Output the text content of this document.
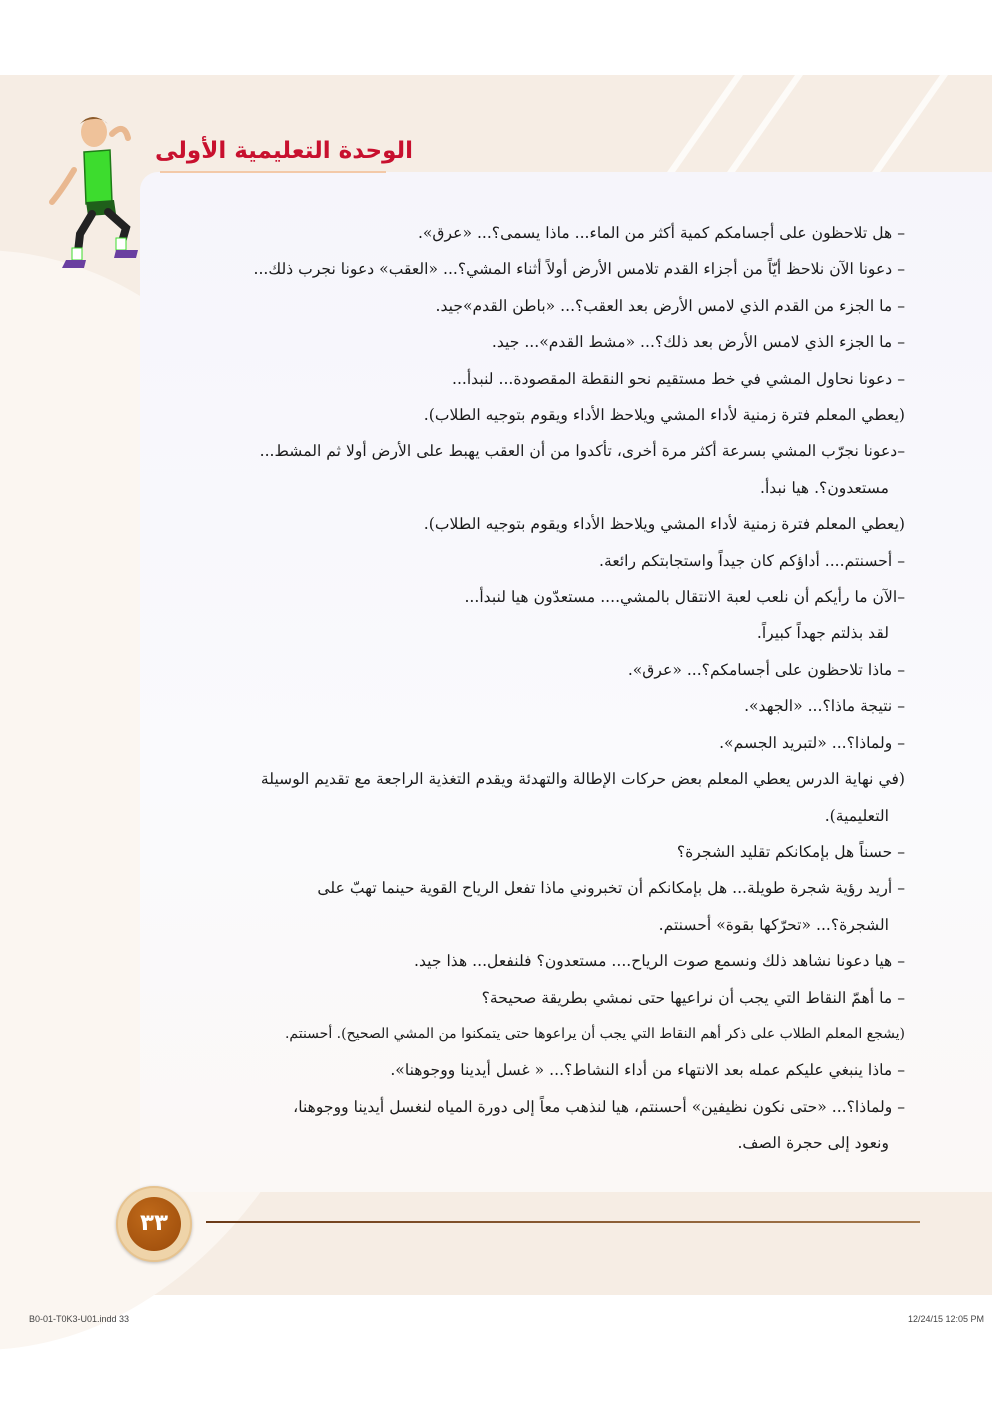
الوحدة التعليمية الأولى
– هل تلاحظون على أجسامكم كمية أكثر من الماء... ماذا يسمى؟... «عرق».
– دعونا الآن نلاحظ أيّاً من أجزاء القدم تلامس الأرض أولاً أثناء المشي؟... «العقب» دعونا نجرب ذلك...
– ما الجزء من القدم الذي لامس الأرض بعد العقب؟... «باطن القدم»جيد.
– ما الجزء الذي لامس الأرض بعد ذلك؟... «مشط القدم»... جيد.
– دعونا نحاول المشي في خط مستقيم نحو النقطة المقصودة... لنبدأ...
(يعطي المعلم فترة زمنية لأداء المشي ويلاحظ الأداء ويقوم بتوجيه الطلاب).
–دعونا نجرّب المشي بسرعة أكثر مرة أخرى، تأكدوا من أن العقب يهبط على الأرض أولا ثم المشط...
مستعدون؟. هيا نبدأ.
(يعطي المعلم فترة زمنية لأداء المشي ويلاحظ الأداء ويقوم بتوجيه الطلاب).
– أحسنتم.... أداؤكم كان جيداً واستجابتكم رائعة.
–الآن ما رأيكم أن نلعب لعبة الانتقال بالمشي.... مستعدّون هيا لنبدأ...
لقد بذلتم جهداً كبيراً.
– ماذا تلاحظون على أجسامكم؟... «عرق».
– نتيجة ماذا؟... «الجهد».
– ولماذا؟... «لتبريد الجسم».
(في نهاية الدرس يعطي المعلم بعض حركات الإطالة والتهدئة ويقدم التغذية الراجعة مع تقديم الوسيلة
التعليمية).
– حسناً هل بإمكانكم تقليد الشجرة؟
– أريد رؤية شجرة طويلة... هل بإمكانكم أن تخبروني ماذا تفعل الرياح القوية حينما تهبّ على
الشجرة؟... «تحرّكها بقوة» أحسنتم.
– هيا دعونا نشاهد ذلك ونسمع صوت الرياح.... مستعدون؟ فلنفعل... هذا جيد.
– ما أهمّ النقاط التي يجب أن نراعيها حتى نمشي بطريقة صحيحة؟
(يشجع المعلم الطلاب على ذكر أهم النقاط التي يجب أن يراعوها حتى يتمكنوا من المشي الصحيح). أحسنتم.
– ماذا ينبغي عليكم عمله بعد الانتهاء من أداء النشاط؟... « غسل أيدينا ووجوهنا».
– ولماذا؟... «حتى نكون نظيفين» أحسنتم، هيا لنذهب معاً إلى دورة المياه لنغسل أيدينا ووجوهنا،
ونعود إلى حجرة الصف.
٣٣
B0-01-T0K3-U01.indd 33	12/24/15 12:05 PM
